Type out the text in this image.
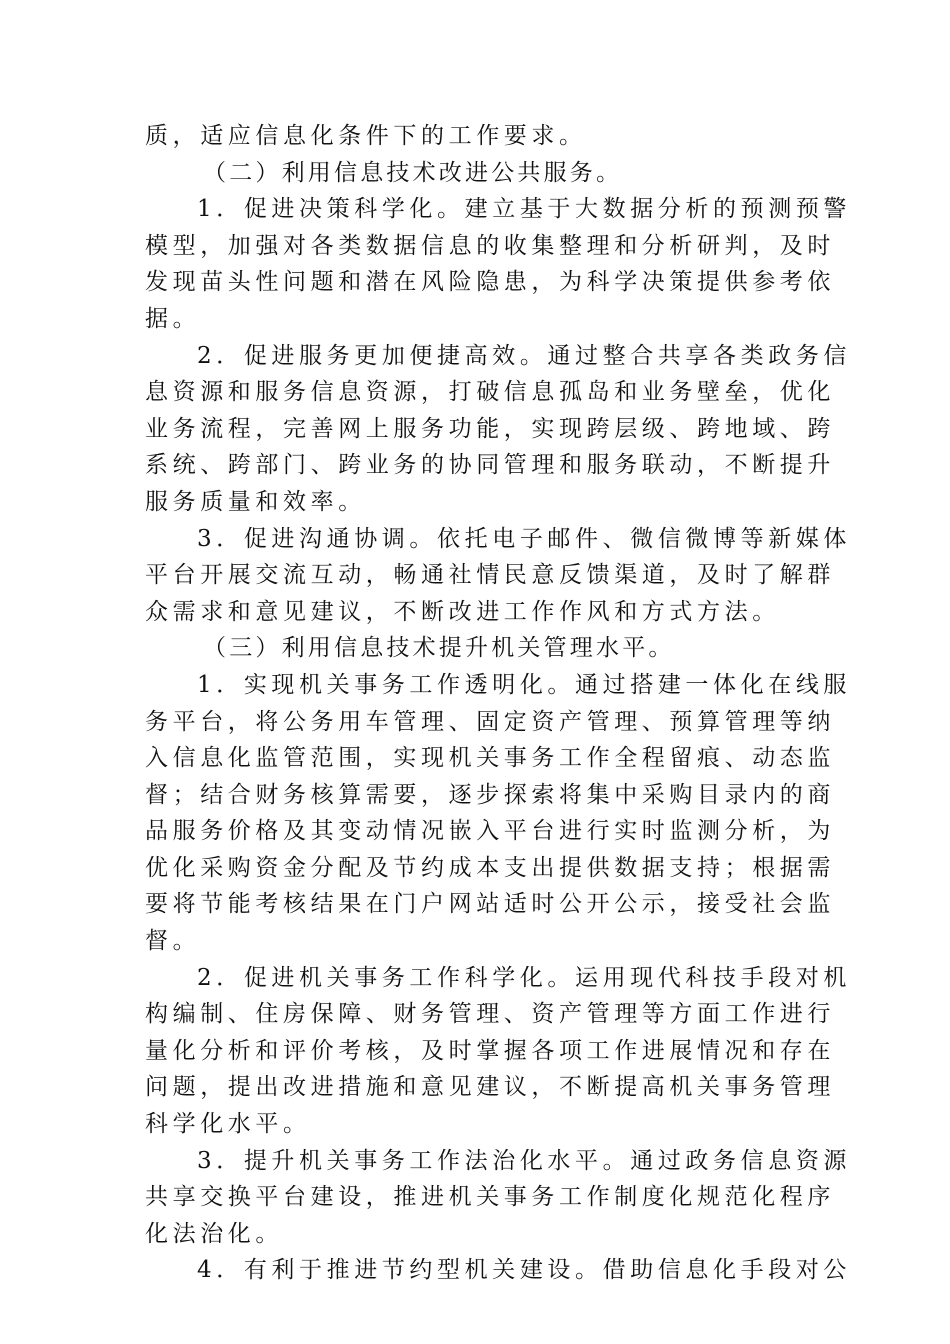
质，适应信息化条件下的工作要求。
（二）利用信息技术改进公共服务。
1．促进决策科学化。建立基于大数据分析的预测预警
模型，加强对各类数据信息的收集整理和分析研判，及时
发现苗头性问题和潜在风险隐患，为科学决策提供参考依
据。
2．促进服务更加便捷高效。通过整合共享各类政务信
息资源和服务信息资源，打破信息孤岛和业务壁垒，优化
业务流程，完善网上服务功能，实现跨层级、跨地域、跨
系统、跨部门、跨业务的协同管理和服务联动，不断提升
服务质量和效率。
3．促进沟通协调。依托电子邮件、微信微博等新媒体
平台开展交流互动，畅通社情民意反馈渠道，及时了解群
众需求和意见建议，不断改进工作作风和方式方法。
（三）利用信息技术提升机关管理水平。
1．实现机关事务工作透明化。通过搭建一体化在线服
务平台，将公务用车管理、固定资产管理、预算管理等纳
入信息化监管范围，实现机关事务工作全程留痕、动态监
督；结合财务核算需要，逐步探索将集中采购目录内的商
品服务价格及其变动情况嵌入平台进行实时监测分析，为
优化采购资金分配及节约成本支出提供数据支持；根据需
要将节能考核结果在门户网站适时公开公示，接受社会监
督。
2．促进机关事务工作科学化。运用现代科技手段对机
构编制、住房保障、财务管理、资产管理等方面工作进行
量化分析和评价考核，及时掌握各项工作进展情况和存在
问题，提出改进措施和意见建议，不断提高机关事务管理
科学化水平。
3．提升机关事务工作法治化水平。通过政务信息资源
共享交换平台建设，推进机关事务工作制度化规范化程序
化法治化。
4．有利于推进节约型机关建设。借助信息化手段对公
